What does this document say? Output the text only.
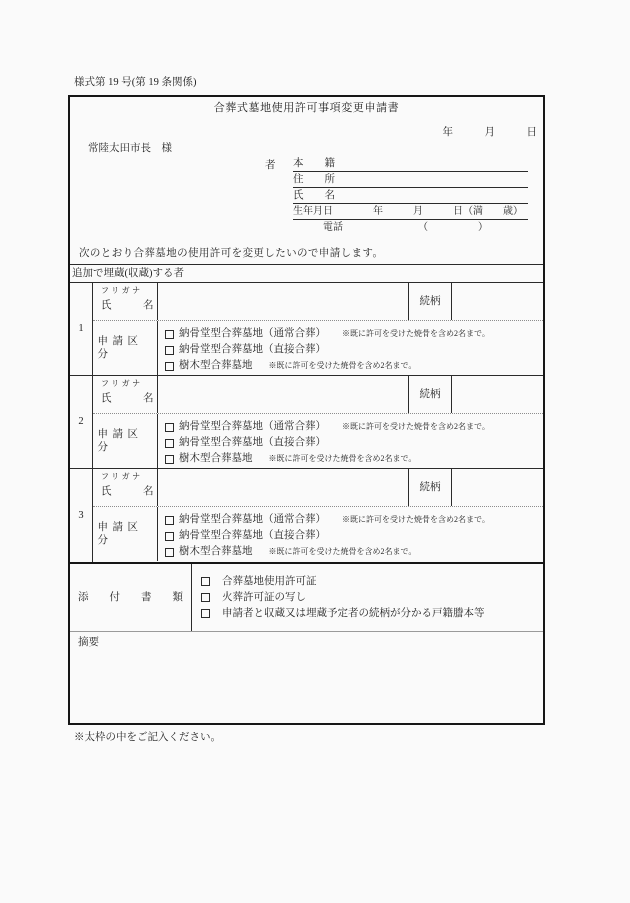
様式第 19 号(第 19 条関係)
合葬式墓地使用許可事項変更申請書
年　　　月　　　日
常陸太田市長　様
者 本　　籍
住　　所
氏　　名
生年月日　　　　年　　　月　　　日（満　　歳）
　　　電話　　　　　　　　（　　　　　）
次のとおり合葬墓地の使用許可を変更したいので申請します。
追加で埋蔵(収蔵)する者
1
フリガナ
氏　　　名	続柄
申請区分
納骨堂型合葬墓地（通常合葬） ※既に許可を受けた焼骨を含め2名まで。
納骨堂型合葬墓地（直接合葬）
樹木型合葬墓地 ※既に許可を受けた焼骨を含め2名まで。
2
フリガナ
氏　　　名	続柄
申請区分
納骨堂型合葬墓地（通常合葬） ※既に許可を受けた焼骨を含め2名まで。
納骨堂型合葬墓地（直接合葬）
樹木型合葬墓地 ※既に許可を受けた焼骨を含め2名まで。
3
フリガナ
氏　　　名	続柄
申請区分
納骨堂型合葬墓地（通常合葬） ※既に許可を受けた焼骨を含め2名まで。
納骨堂型合葬墓地（直接合葬）
樹木型合葬墓地 ※既に許可を受けた焼骨を含め2名まで。
添　　付　　書　　類
合葬墓地使用許可証
火葬許可証の写し
申請者と収蔵又は埋蔵予定者の続柄が分かる戸籍謄本等
摘要
※太枠の中をご記入ください。
